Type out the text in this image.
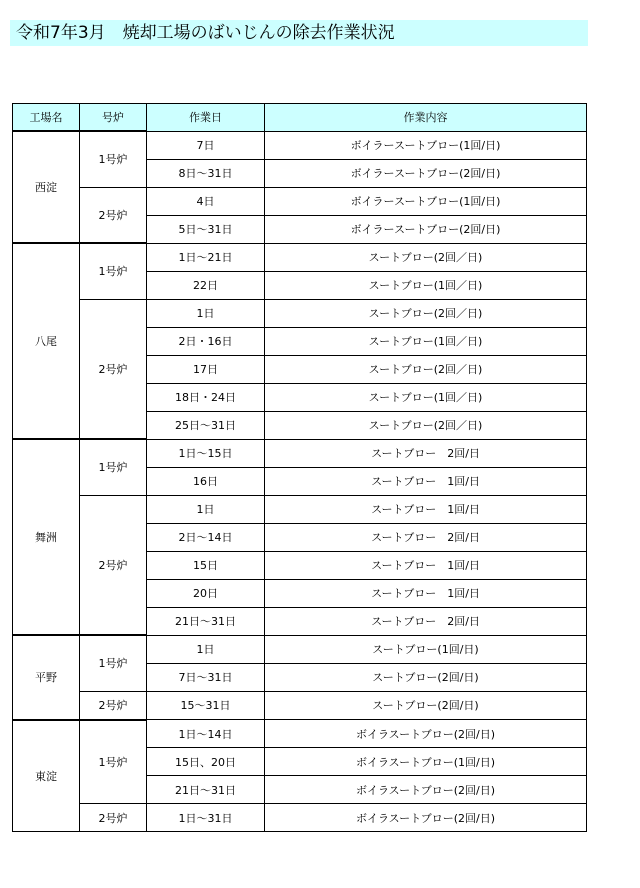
令和7年3月　焼却工場のばいじんの除去作業状況
工場名	号炉	作業日	作業内容
西淀	1号炉	7日	ボイラースートブロー(1回/日)
		8日～31日	ボイラースートブロー(2回/日)
	2号炉	4日	ボイラースートブロー(1回/日)
		5日～31日	ボイラースートブロー(2回/日)
八尾	1号炉	1日～21日	スートブロー(2回／日)
		22日	スートブロー(1回／日)
	2号炉	1日	スートブロー(2回／日)
		2日・16日	スートブロー(1回／日)
		17日	スートブロー(2回／日)
		18日・24日	スートブロー(1回／日)
		25日～31日	スートブロー(2回／日)
舞洲	1号炉	1日～15日	スートブロー　2回/日
		16日	スートブロー　1回/日
	2号炉	1日	スートブロー　1回/日
		2日～14日	スートブロー　2回/日
		15日	スートブロー　1回/日
		20日	スートブロー　1回/日
		21日～31日	スートブロー　2回/日
平野	1号炉	1日	スートブロー(1回/日)
		7日～31日	スートブロー(2回/日)
	2号炉	15～31日	スートブロー(2回/日)
東淀	1号炉	1日～14日	ボイラスートブロー(2回/日)
		15日、20日	ボイラスートブロー(1回/日)
		21日～31日	ボイラスートブロー(2回/日)
	2号炉	1日～31日	ボイラスートブロー(2回/日)
